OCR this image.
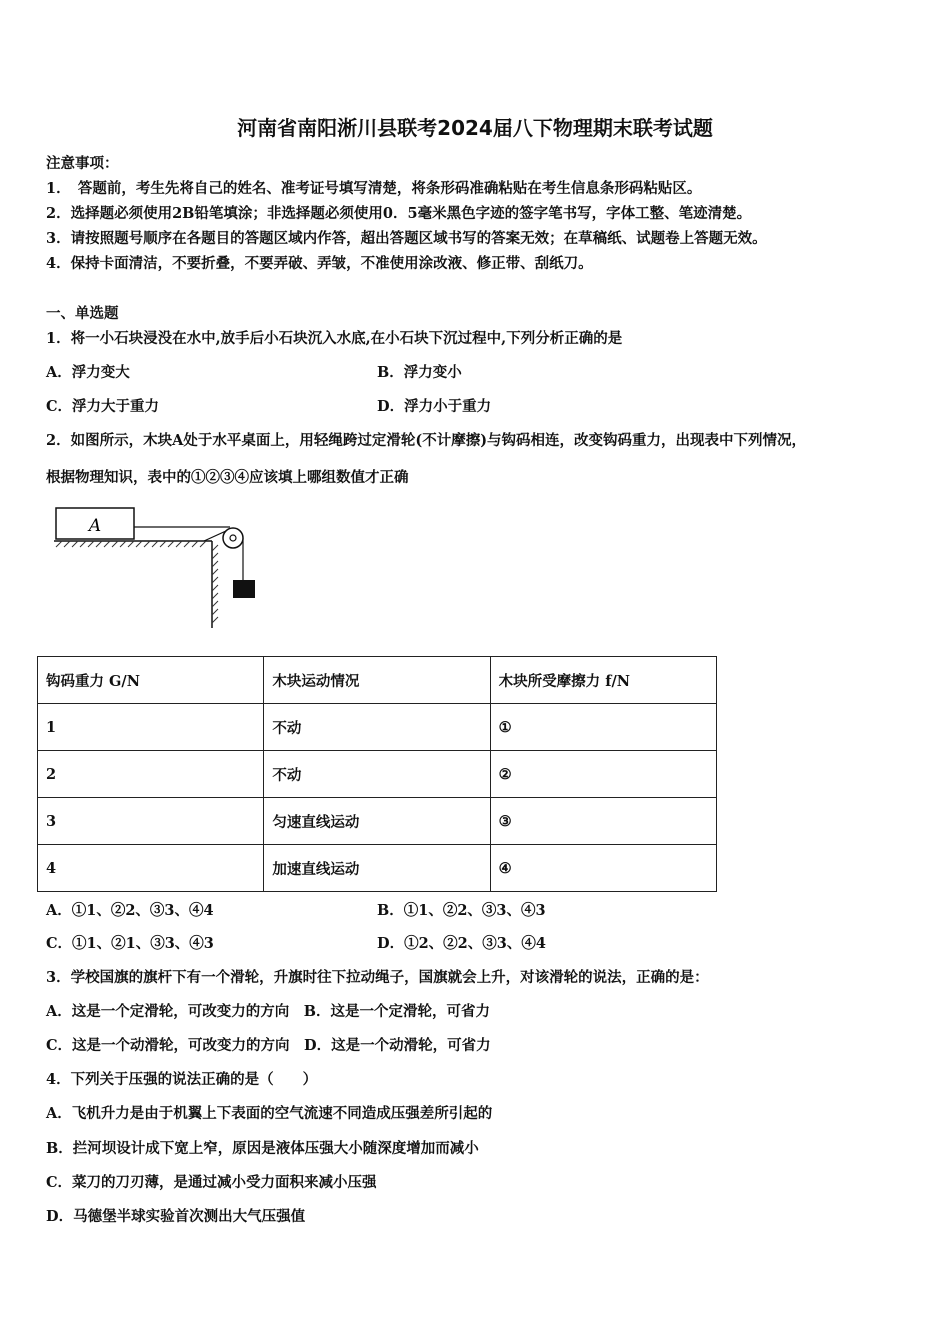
河南省南阳淅川县联考2024届八下物理期末联考试题
注意事项：
1．　答题前，考生先将自己的姓名、准考证号填写清楚，将条形码准确粘贴在考生信息条形码粘贴区。
2．选择题必须使用2B铅笔填涂；非选择题必须使用0．5毫米黑色字迹的签字笔书写，字体工整、笔迹清楚。
3．请按照题号顺序在各题目的答题区域内作答，超出答题区域书写的答案无效；在草稿纸、试题卷上答题无效。
4．保持卡面清洁，不要折叠，不要弄破、弄皱，不准使用涂改液、修正带、刮纸刀。
一、单选题
1．将一小石块浸没在水中,放手后小石块沉入水底,在小石块下沉过程中,下列分析正确的是
A．浮力变大	B．浮力变小
C．浮力大于重力	D．浮力小于重力
2．如图所示，木块A处于水平桌面上，用轻绳跨过定滑轮(不计摩擦)与钩码相连，改变钩码重力，出现表中下列情况，
根据物理知识，表中的①②③④应该填上哪组数值才正确
A
钩码重力 G/N	木块运动情况	木块所受摩擦力 f/N
1	不动	①
2	不动	②
3	匀速直线运动	③
4	加速直线运动	④
A．①1、②2、③3、④4	B．①1、②2、③3、④3
C．①1、②1、③3、④3	D．①2、②2、③3、④4
3．学校国旗的旗杆下有一个滑轮，升旗时往下拉动绳子，国旗就会上升，对该滑轮的说法，正确的是：
A．这是一个定滑轮，可改变力的方向　B．这是一个定滑轮，可省力
C．这是一个动滑轮，可改变力的方向　D．这是一个动滑轮，可省力
4．下列关于压强的说法正确的是（　　）
A．飞机升力是由于机翼上下表面的空气流速不同造成压强差所引起的
B．拦河坝设计成下宽上窄，原因是液体压强大小随深度增加而减小
C．菜刀的刀刃薄，是通过减小受力面积来减小压强
D．马德堡半球实验首次测出大气压强值
